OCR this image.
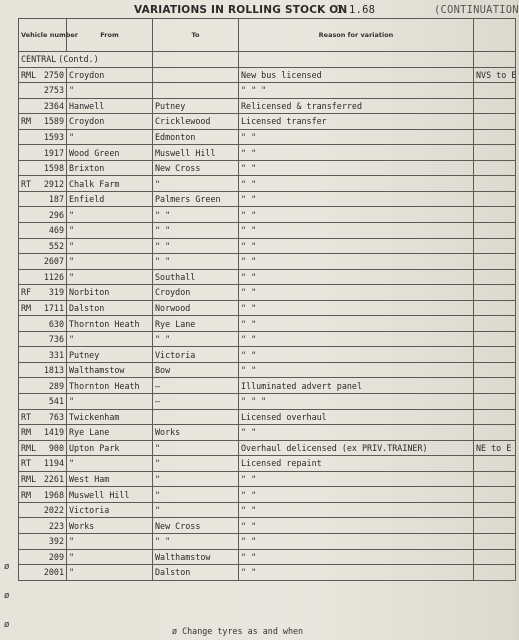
VARIATIONS IN ROLLING STOCK ON
1.1.68	(CONTINUATION
Vehicle number	From	To	Reason for variation	
CENTRAL (Contd.)				

RML 2750	Croydon		New bus licensed	NVS to E

2753	"		" " "	

2364	Hanwell	Putney	Relicensed & transferred	

RM 1589	Croydon	Cricklewood	Licensed transfer	

1593	"	Edmonton	" "	

1917	Wood Green	Muswell Hill	" "	

1598	Brixton	New Cross	" "	

RT 2912	Chalk Farm	"	" "	

187	Enfield	Palmers Green	" "	

296	"	" "	" "	

469	"	" "	" "	

552	"	" "	" "	

2607	"	" "	" "	

1126	"	Southall	" "	

RF 319	Norbiton	Croydon	" "	

RM 1711	Dalston	Norwood	" "	

630	Thornton Heath	Rye Lane	" "	

736	"	" "	" "	

331	Putney	Victoria	" "	

1813	Walthamstow	Bow	" "	

289	Thornton Heath	–	Illuminated advert panel	

541	"	–	" " "	

RT 763	Twickenham		Licensed overhaul	

RM 1419	Rye Lane	Works	" "	

RML 900	Upton Park	"	Overhaul delicensed (ex PRIV.TRAINER)	NE to E

RT 1194	"	"	Licensed repaint	

RML 2261	West Ham	"	" "	

RM 1968	Muswell Hill	"	" "	

2022	Victoria	"	" "	

223	Works	New Cross	" "	

392	"	" "	" "	

209	"	Walthamstow	" "	

2001	"	Dalston	" "	
ø
ø
ø
ø Change tyres as and when
